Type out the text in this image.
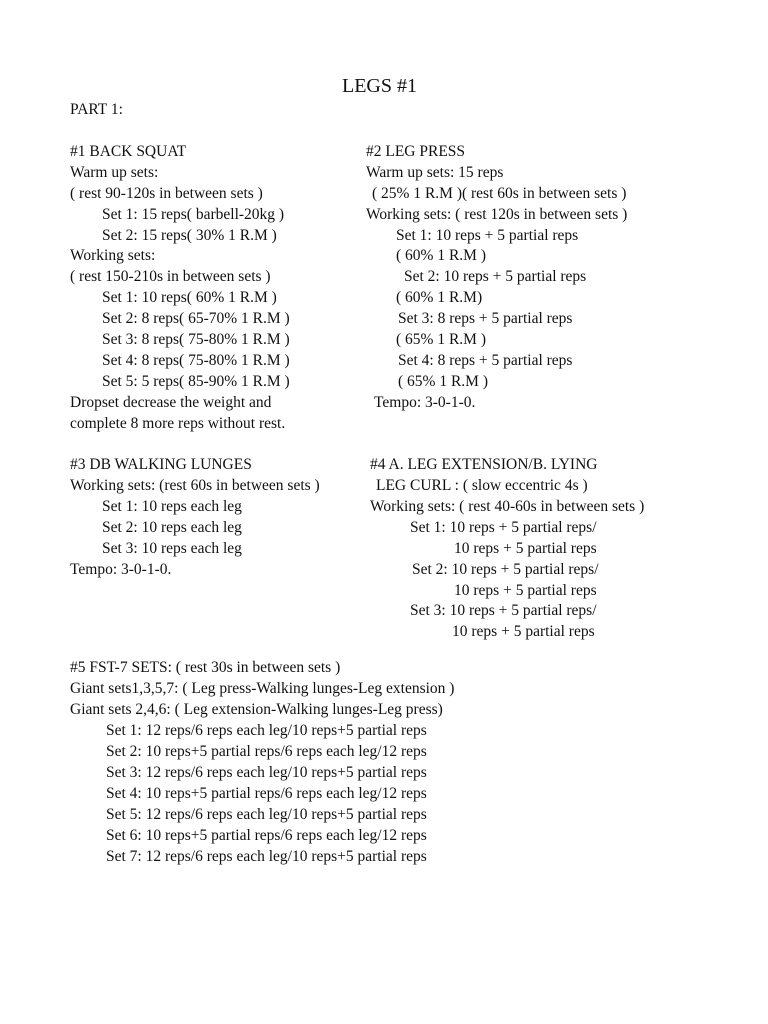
LEGS #1
PART 1:
#1 BACK SQUAT
Warm up sets:
( rest 90-120s in between sets )
Set 1: 15 reps( barbell-20kg )
Set 2: 15 reps( 30% 1 R.M )
Working sets:
( rest 150-210s in between sets )
Set 1: 10 reps( 60% 1 R.M )
Set 2: 8 reps( 65-70% 1 R.M )
Set 3: 8 reps( 75-80% 1 R.M )
Set 4: 8 reps( 75-80% 1 R.M )
Set 5: 5 reps( 85-90% 1 R.M )
Dropset decrease the weight and
complete 8 more reps without rest.
#2 LEG PRESS
Warm up sets: 15 reps
( 25% 1 R.M )( rest 60s in between sets )
Working sets: ( rest 120s in between sets )
Set 1: 10 reps + 5 partial reps
( 60% 1 R.M )
Set 2: 10 reps + 5 partial reps
( 60% 1 R.M)
Set 3: 8 reps + 5 partial reps
( 65% 1 R.M )
Set 4: 8 reps + 5 partial reps
( 65% 1 R.M )
Tempo: 3-0-1-0.
#3 DB WALKING LUNGES
Working sets: (rest 60s in between sets )
Set 1: 10 reps each leg
Set 2: 10 reps each leg
Set 3: 10 reps each leg
Tempo: 3-0-1-0.
#4 A. LEG EXTENSION/B. LYING
LEG CURL : ( slow eccentric 4s )
Working sets: ( rest 40-60s in between sets )
Set 1: 10 reps + 5 partial reps/
10 reps + 5 partial reps
Set 2: 10 reps + 5 partial reps/
10 reps + 5 partial reps
Set 3: 10 reps + 5 partial reps/
10 reps + 5 partial reps
#5 FST-7 SETS: ( rest 30s in between sets )
Giant sets1,3,5,7: ( Leg press-Walking lunges-Leg extension )
Giant sets 2,4,6: ( Leg extension-Walking lunges-Leg press)
Set 1: 12 reps/6 reps each leg/10 reps+5 partial reps
Set 2: 10 reps+5 partial reps/6 reps each leg/12 reps
Set 3: 12 reps/6 reps each leg/10 reps+5 partial reps
Set 4: 10 reps+5 partial reps/6 reps each leg/12 reps
Set 5: 12 reps/6 reps each leg/10 reps+5 partial reps
Set 6: 10 reps+5 partial reps/6 reps each leg/12 reps
Set 7: 12 reps/6 reps each leg/10 reps+5 partial reps
